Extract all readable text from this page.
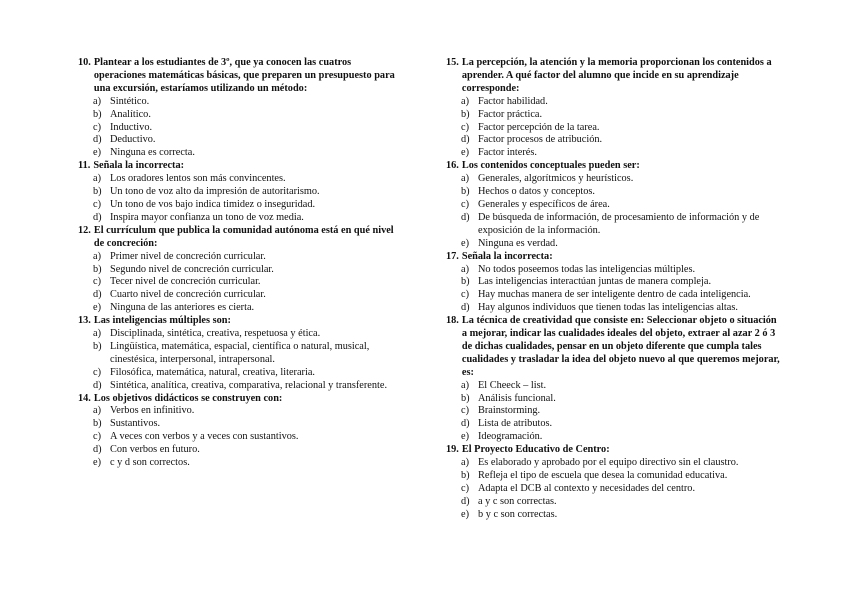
10. Plantear a los estudiantes de 3º, que ya conocen las cuatros operaciones matemáticas básicas, que preparen un presupuesto para una excursión, estaríamos utilizando un método:
a) Sintético.
b) Analítico.
c) Inductivo.
d) Deductivo.
e) Ninguna es correcta.
11. Señala la incorrecta:
a) Los oradores lentos son más convincentes.
b) Un tono de voz alto da impresión de autoritarismo.
c) Un tono de vos bajo indica timidez o inseguridad.
d) Inspira mayor confianza un tono de voz media.
12. El currículum que publica la comunidad autónoma está en qué nivel de concreción:
a) Primer nivel de concreción curricular.
b) Segundo nivel de concreción curricular.
c) Tecer nivel de concreción curricular.
d) Cuarto nivel de concreción curricular.
e) Ninguna de las anteriores es cierta.
13. Las inteligencias múltiples son:
a) Disciplinada, sintética, creativa, respetuosa y ética.
b) Lingüística, matemática, espacial, científica o natural, musical, cinestésica, interpersonal, intrapersonal.
c) Filosófica, matemática, natural, creativa, literaria.
d) Sintética, analítica, creativa, comparativa, relacional y transferente.
14. Los objetivos didácticos se construyen con:
a) Verbos en infinitivo.
b) Sustantivos.
c) A veces con verbos y a veces con sustantivos.
d) Con verbos en futuro.
e) c y d son correctos.
15. La percepción, la atención y la memoria proporcionan los contenidos a aprender. A qué factor del alumno que incide en su aprendizaje corresponde:
a) Factor habilidad.
b) Factor práctica.
c) Factor percepción de la tarea.
d) Factor procesos de atribución.
e) Factor interés.
16. Los contenidos conceptuales pueden ser:
a) Generales, algorítmicos y heurísticos.
b) Hechos o datos y conceptos.
c) Generales y específicos de área.
d) De búsqueda de información, de procesamiento de información y de exposición de la información.
e) Ninguna es verdad.
17. Señala la incorrecta:
a) No todos poseemos todas las inteligencias múltiples.
b) Las inteligencias interactúan juntas de manera compleja.
c) Hay muchas manera de ser inteligente dentro de cada inteligencia.
d) Hay algunos individuos que tienen todas las inteligencias altas.
18. La técnica de creatividad que consiste en: Seleccionar objeto o situación a mejorar, indicar las cualidades ideales del objeto, extraer al azar 2 ó 3 de dichas cualidades, pensar en un objeto diferente que cumpla tales cualidades y trasladar la idea del objeto nuevo al que queremos mejorar, es:
a) El Cheeck – list.
b) Análisis funcional.
c) Brainstorming.
d) Lista de atributos.
e) Ideogramación.
19. El Proyecto Educativo de Centro:
a) Es elaborado y aprobado por el equipo directivo sin el claustro.
b) Refleja el tipo de escuela que desea la comunidad educativa.
c) Adapta el DCB al contexto y necesidades del centro.
d) a y c son correctas.
e) b y c son correctas.
